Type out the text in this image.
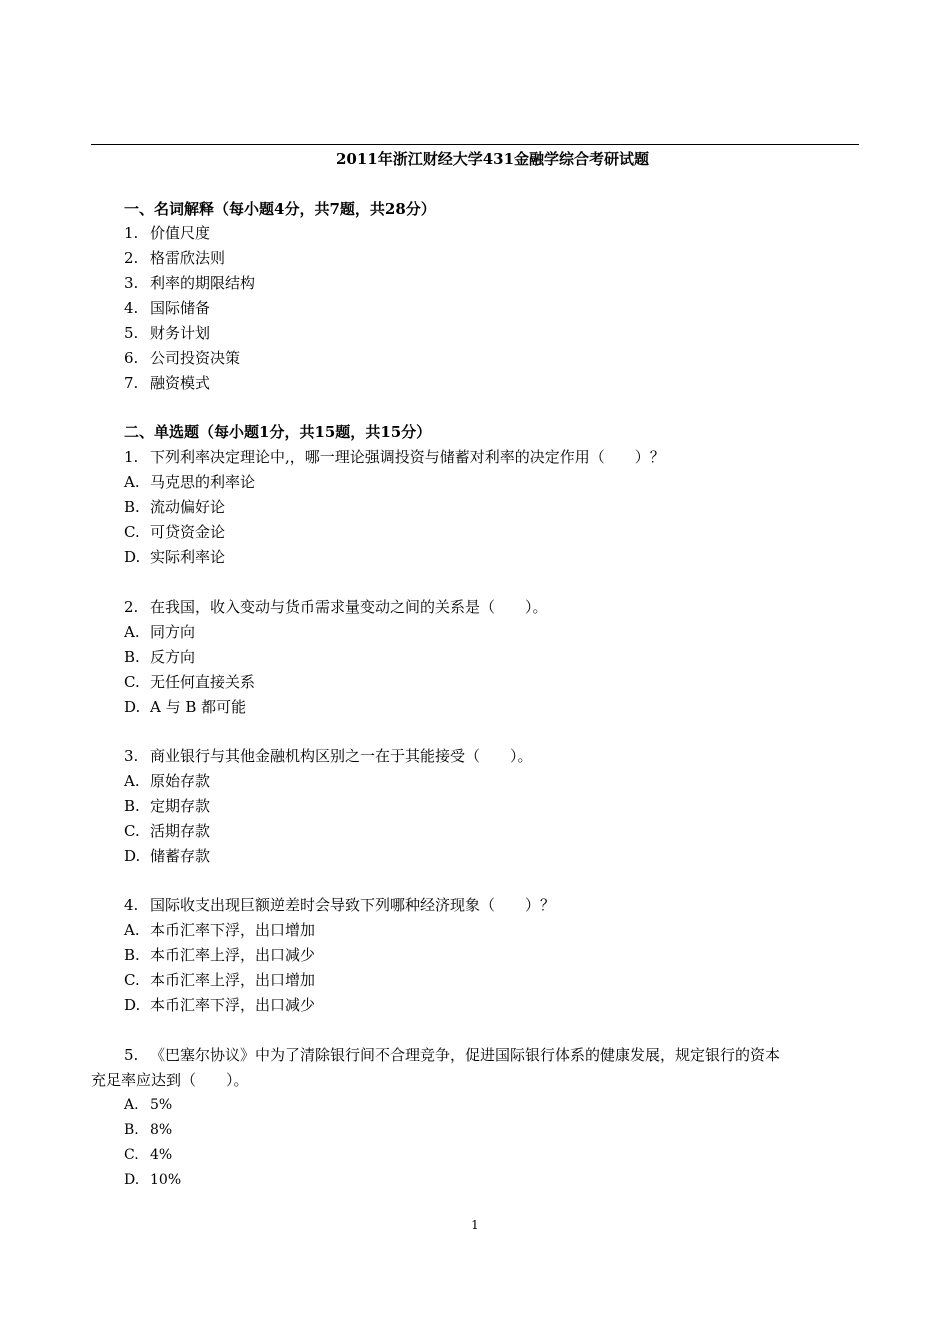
2011年浙江财经大学431金融学综合考研试题
一、名词解释（每小题4分，共7题，共28分）
1. 价值尺度
2. 格雷欣法则
3. 利率的期限结构
4. 国际储备
5. 财务计划
6. 公司投资决策
7. 融资模式
二、单选题（每小题1分，共15题，共15分）
1. 下列利率决定理论中,，哪一理论强调投资与储蓄对利率的决定作用（　　）？
A. 马克思的利率论
B. 流动偏好论
C. 可贷资金论
D. 实际利率论
2. 在我国，收入变动与货币需求量变动之间的关系是（　　）。
A. 同方向
B. 反方向
C. 无任何直接关系
D. A 与 B 都可能
3. 商业银行与其他金融机构区别之一在于其能接受（　　）。
A. 原始存款
B. 定期存款
C. 活期存款
D. 储蓄存款
4. 国际收支出现巨额逆差时会导致下列哪种经济现象（　　）？
A. 本币汇率下浮，出口增加
B. 本币汇率上浮，出口减少
C. 本币汇率上浮，出口增加
D. 本币汇率下浮，出口减少
5. 《巴塞尔协议》中为了清除银行间不合理竞争，促进国际银行体系的健康发展，规定银行的资本
充足率应达到（　　）。
A. 5%
B. 8%
C. 4%
D. 10%
1
